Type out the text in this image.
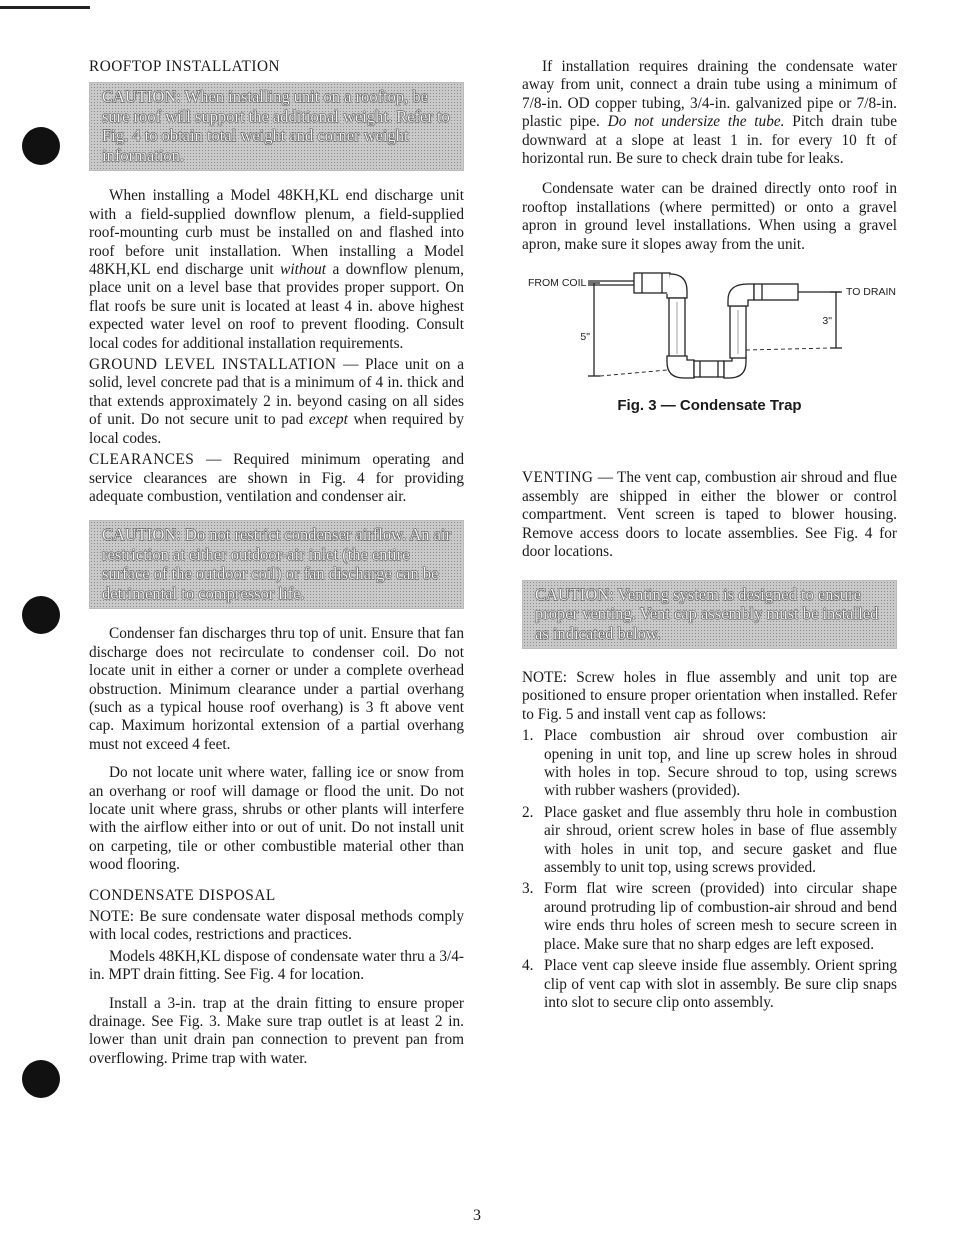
ROOFTOP INSTALLATION

CAUTION: When installing unit on a rooftop, be sure roof will support the additional weight. Refer to Fig. 4 to obtain total weight and corner weight information.

When installing a Model 48KH,KL end discharge unit with a field-supplied downflow plenum, a field-supplied roof-mounting curb must be installed on and flashed into roof before unit installation. When installing a Model 48KH,KL end discharge unit without a downflow plenum, place unit on a level base that provides proper support. On flat roofs be sure unit is located at least 4 in. above highest expected water level on roof to prevent flooding. Consult local codes for additional installation requirements.

GROUND LEVEL INSTALLATION — Place unit on a solid, level concrete pad that is a minimum of 4 in. thick and that extends approximately 2 in. beyond casing on all sides of unit. Do not secure unit to pad except when required by local codes.

CLEARANCES — Required minimum operating and service clearances are shown in Fig. 4 for providing adequate combustion, ventilation and condenser air.

CAUTION: Do not restrict condenser airflow. An air restriction at either outdoor-air inlet (the entire surface of the outdoor coil) or fan discharge can be detrimental to compressor life.

Condenser fan discharges thru top of unit. Ensure that fan discharge does not recirculate to condenser coil. Do not locate unit in either a corner or under a complete overhead obstruction. Minimum clearance under a partial overhang (such as a typical house roof overhang) is 3 ft above vent cap. Maximum horizontal extension of a partial overhang must not exceed 4 feet.

Do not locate unit where water, falling ice or snow from an overhang or roof will damage or flood the unit. Do not locate unit where grass, shrubs or other plants will interfere with the airflow either into or out of unit. Do not install unit on carpeting, tile or other combustible material other than wood flooring.

CONDENSATE DISPOSAL

NOTE: Be sure condensate water disposal methods comply with local codes, restrictions and practices.

Models 48KH,KL dispose of condensate water thru a 3/4-in. MPT drain fitting. See Fig. 4 for location.

Install a 3-in. trap at the drain fitting to ensure proper drainage. See Fig. 3. Make sure trap outlet is at least 2 in. lower than unit drain pan connection to prevent pan from overflowing. Prime trap with water.

If installation requires draining the condensate water away from unit, connect a drain tube using a minimum of 7/8-in. OD copper tubing, 3/4-in. galvanized pipe or 7/8-in. plastic pipe. Do not undersize the tube. Pitch drain tube downward at a slope at least 1 in. for every 10 ft of horizontal run. Be sure to check drain tube for leaks.

Condensate water can be drained directly onto roof in rooftop installations (where permitted) or onto a gravel apron in ground level installations. When using a gravel apron, make sure it slopes away from the unit.

FROM COIL
TO DRAIN
5"
3"
Fig. 3 — Condensate Trap

VENTING — The vent cap, combustion air shroud and flue assembly are shipped in either the blower or control compartment. Vent screen is taped to blower housing. Remove access doors to locate assemblies. See Fig. 4 for door locations.

CAUTION: Venting system is designed to ensure proper venting. Vent cap assembly must be installed as indicated below.

NOTE: Screw holes in flue assembly and unit top are positioned to ensure proper orientation when installed. Refer to Fig. 5 and install vent cap as follows:

1. Place combustion air shroud over combustion air opening in unit top, and line up screw holes in shroud with holes in top. Secure shroud to top, using screws with rubber washers (provided).
2. Place gasket and flue assembly thru hole in combustion air shroud, orient screw holes in base of flue assembly with holes in unit top, and secure gasket and flue assembly to unit top, using screws provided.
3. Form flat wire screen (provided) into circular shape around protruding lip of combustion-air shroud and bend wire ends thru holes of screen mesh to secure screen in place. Make sure that no sharp edges are left exposed.
4. Place vent cap sleeve inside flue assembly. Orient spring clip of vent cap with slot in assembly. Be sure clip snaps into slot to secure clip onto assembly.
3
